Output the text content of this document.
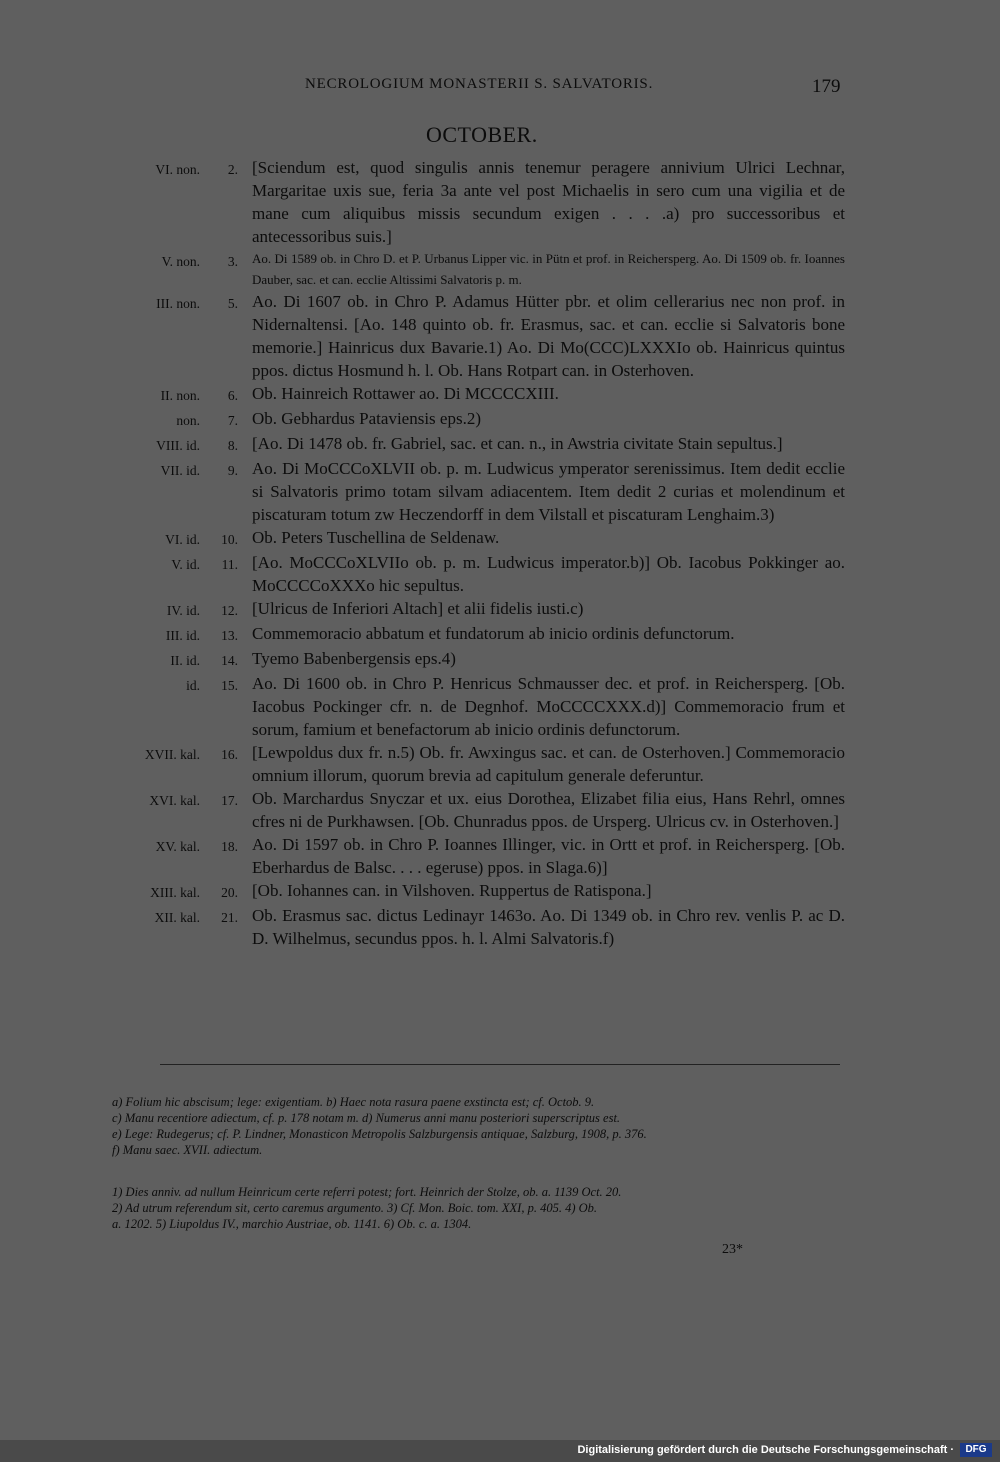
NECROLOGIUM MONASTERII S. SALVATORIS.	179
OCTOBER.
VI. non.	2. [Sciendum est, quod singulis annis tenemur peragere annivium Ulrici Lechnar, Margaritae uxis sue, feria 3a ante vel post Michaelis in sero cum una vigilia et de mane cum aliquibus missis secundum exigen . . . .a) pro successoribus et antecessoribus suis.]
V. non.	3. Ao. Di 1589 ob. in Chro D. et P. Urbanus Lipper vic. in Pütn et prof. in Reichersperg. Ao. Di 1509 ob. fr. Ioannes Dauber, sac. et can. ecclie Altissimi Salvatoris p. m.
III. non.	5. Ao. Di 1607 ob. in Chro P. Adamus Hütter pbr. et olim cellerarius nec non prof. in Nidernaltensi. [Ao. 148 quinto ob. fr. Erasmus, sac. et can. ecclie si Salvatoris bone memorie.] Hainricus dux Bavarie.1) Ao. Di Mo(CCC)LXXXIo ob. Hainricus quintus ppos. dictus Hosmund h. l. Ob. Hans Rotpart can. in Osterhoven.
II. non.	6. Ob. Hainreich Rottawer ao. Di MCCCCXIII.
non.	7. Ob. Gebhardus Pataviensis eps.2)
VIII. id.	8. [Ao. Di 1478 ob. fr. Gabriel, sac. et can. n., in Awstria civitate Stain sepultus.]
VII. id.	9. Ao. Di MoCCCoXLVII ob. p. m. Ludwicus ymperator serenissimus. Item dedit ecclie si Salvatoris primo totam silvam adiacentem. Item dedit 2 curias et molendinum et piscaturam totum zw Heczendorff in dem Vilstall et piscaturam Lenghaim.3)
VI. id.	10. Ob. Peters Tuschellina de Seldenaw.
V. id.	11. [Ao. MoCCCoXLVIIo ob. p. m. Ludwicus imperator.b)] Ob. Iacobus Pokkinger ao. MoCCCCoXXXo hic sepultus.
IV. id.	12. [Ulricus de Inferiori Altach] et alii fidelis iusti.c)
III. id.	13. Commemoracio abbatum et fundatorum ab inicio ordinis defunctorum.
II. id.	14. Tyemo Babenbergensis eps.4)
id.	15. Ao. Di 1600 ob. in Chro P. Henricus Schmausser dec. et prof. in Reichersperg. [Ob. Iacobus Pockinger cfr. n. de Degnhof. MoCCCCXXX.d)] Commemoracio frum et sorum, famium et benefactorum ab inicio ordinis defunctorum.
XVII. kal.	16. [Lewpoldus dux fr. n.5) Ob. fr. Awxingus sac. et can. de Osterhoven.] Commemoracio omnium illorum, quorum brevia ad capitulum generale deferuntur.
XVI. kal.	17. Ob. Marchardus Snyczar et ux. eius Dorothea, Elizabet filia eius, Hans Rehrl, omnes cfres ni de Purkhawsen. [Ob. Chunradus ppos. de Ursperg. Ulricus cv. in Osterhoven.]
XV. kal.	18. Ao. Di 1597 ob. in Chro P. Ioannes Illinger, vic. in Ortt et prof. in Reichersperg. [Ob. Eberhardus de Balsc. . . . egeruse) ppos. in Slaga.6)]
XIII. kal.	20. [Ob. Iohannes can. in Vilshoven. Ruppertus de Ratispona.]
XII. kal.	21. Ob. Erasmus sac. dictus Ledinayr 1463o. Ao. Di 1349 ob. in Chro rev. venlis P. ac D. D. Wilhelmus, secundus ppos. h. l. Almi Salvatoris.f)
a) Folium hic abscisum; lege: exigentiam. b) Haec nota rasura paene exstincta est; cf. Octob. 9.
c) Manu recentiore adiectum, cf. p. 178 notam m. d) Numerus anni manu posteriori superscriptus est.
e) Lege: Rudegerus; cf. P. Lindner, Monasticon Metropolis Salzburgensis antiquae, Salzburg, 1908, p. 376.
f) Manu saec. XVII. adiectum.
1) Dies anniv. ad nullum Heinricum certe referri potest; fort. Heinrich der Stolze, ob. a. 1139 Oct. 20.
2) Ad utrum referendum sit, certo caremus argumento. 3) Cf. Mon. Boic. tom. XXI, p. 405. 4) Ob.
a. 1202. 5) Liupoldus IV., marchio Austriae, ob. 1141. 6) Ob. c. a. 1304.
23*
Digitalisierung gefördert durch die Deutsche Forschungsgemeinschaft ·	DFG
